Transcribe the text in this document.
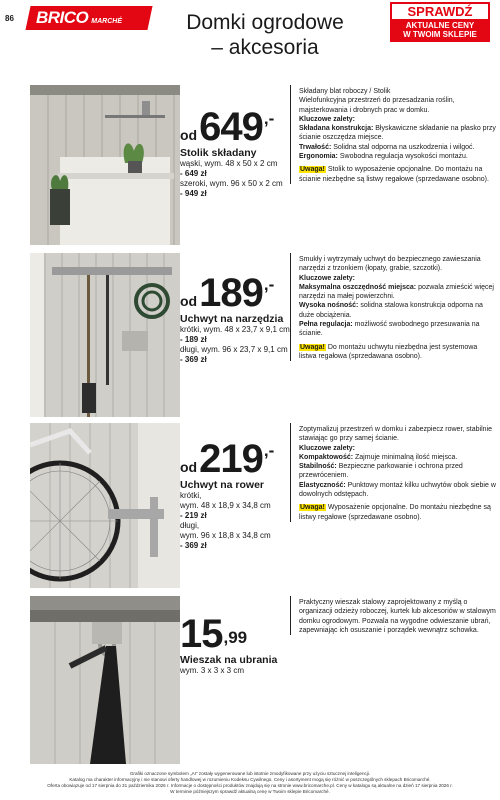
86 BRICO MARCHÉ	Domki ogrodowe
– akcesoria
SPRAWDŹ
AKTUALNE CENY
W TWOIM SKLEPIE
od 649 ,-
Stolik składany
wąski, wym. 48 x 50 x 2 cm
- 649 zł
szeroki, wym. 96 x 50 x 2 cm
- 949 zł
Składany blat roboczy / Stolik
Wielofunkcyjna przestrzeń do przesadzania roślin, majsterkowania i drobnych prac w domku.
Kluczowe zalety:
Składana konstrukcja: Błyskawiczne składanie na płasko przy ścianie oszczędza miejsce.
Trwałość: Solidna stal odporna na uszkodzenia i wilgoć.
Ergonomia: Swobodna regulacja wysokości montażu.
Uwaga! Stolik to wyposażenie opcjonalne. Do montażu na ścianie niezbędne są listwy regałowe (sprzedawane osobno).
od 189 ,-
Uchwyt na narzędzia
krótki, wym. 48 x 23,7 x 9,1 cm
- 189 zł
długi, wym. 96 x 23,7 x 9,1 cm
- 369 zł
Smukły i wytrzymały uchwyt do bezpiecznego zawieszania narzędzi z trzonkiem (łopaty, grabie, szczotki).
Kluczowe zalety:
Maksymalna oszczędność miejsca: pozwala zmieścić więcej narzędzi na małej powierzchni.
Wysoka nośność: solidna stalowa konstrukcja odporna na duże obciążenia.
Pełna regulacja: możliwość swobodnego przesuwania na ścianie.
Uwaga! Do montażu uchwytu niezbędna jest systemowa listwa regałowa (sprzedawana osobno).
od 219 ,-
Uchwyt na rower
krótki,
wym. 48 x 18,9 x 34,8 cm
- 219 zł
długi,
wym. 96 x 18,8 x 34,8 cm
- 369 zł
Zoptymalizuj przestrzeń w domku i zabezpiecz rower, stabilnie stawiając go przy samej ścianie.
Kluczowe zalety:
Kompaktowość: Zajmuje minimalną ilość miejsca.
Stabilność: Bezpieczne parkowanie i ochrona przed przewróceniem.
Elastyczność: Punktowy montaż kilku uchwytów obok siebie w dowolnych odstępach.
Uwaga! Wyposażenie opcjonalne. Do montażu niezbędne są listwy regałowe (sprzedawane osobno).
15 ,99
Wieszak na ubrania
wym. 3 x 3 x 3 cm
Praktyczny wieszak stalowy zaprojektowany z myślą o organizacji odzieży roboczej, kurtek lub akcesoriów w stalowym domku ogrodowym. Pozwala na wygodne odwieszanie ubrań, zapewniając ich osuszanie i porządek wewnątrz schowka.
Grafiki oznaczone symbolem „AI” zostały wygenerowane lub istotnie zmodyfikowane przy użyciu sztucznej inteligencji.
Katalog ma charakter informacyjny i nie stanowi oferty handlowej w rozumieniu Kodeksu Cywilnego. Ceny i asortyment mogą się różnić w poszczególnych sklepach Bricomarché.
Oferta obowiązuje od 17 sierpnia do 31 października 2026 r. Informacje o dostępności produktów znajdują się na stronie www.bricomarche.pl. Ceny w katalogu są aktualne na dzień 17 sierpnia 2026 r.
W terminie późniejszym sprawdź aktualną cenę w Twoim sklepie Bricomarché.
